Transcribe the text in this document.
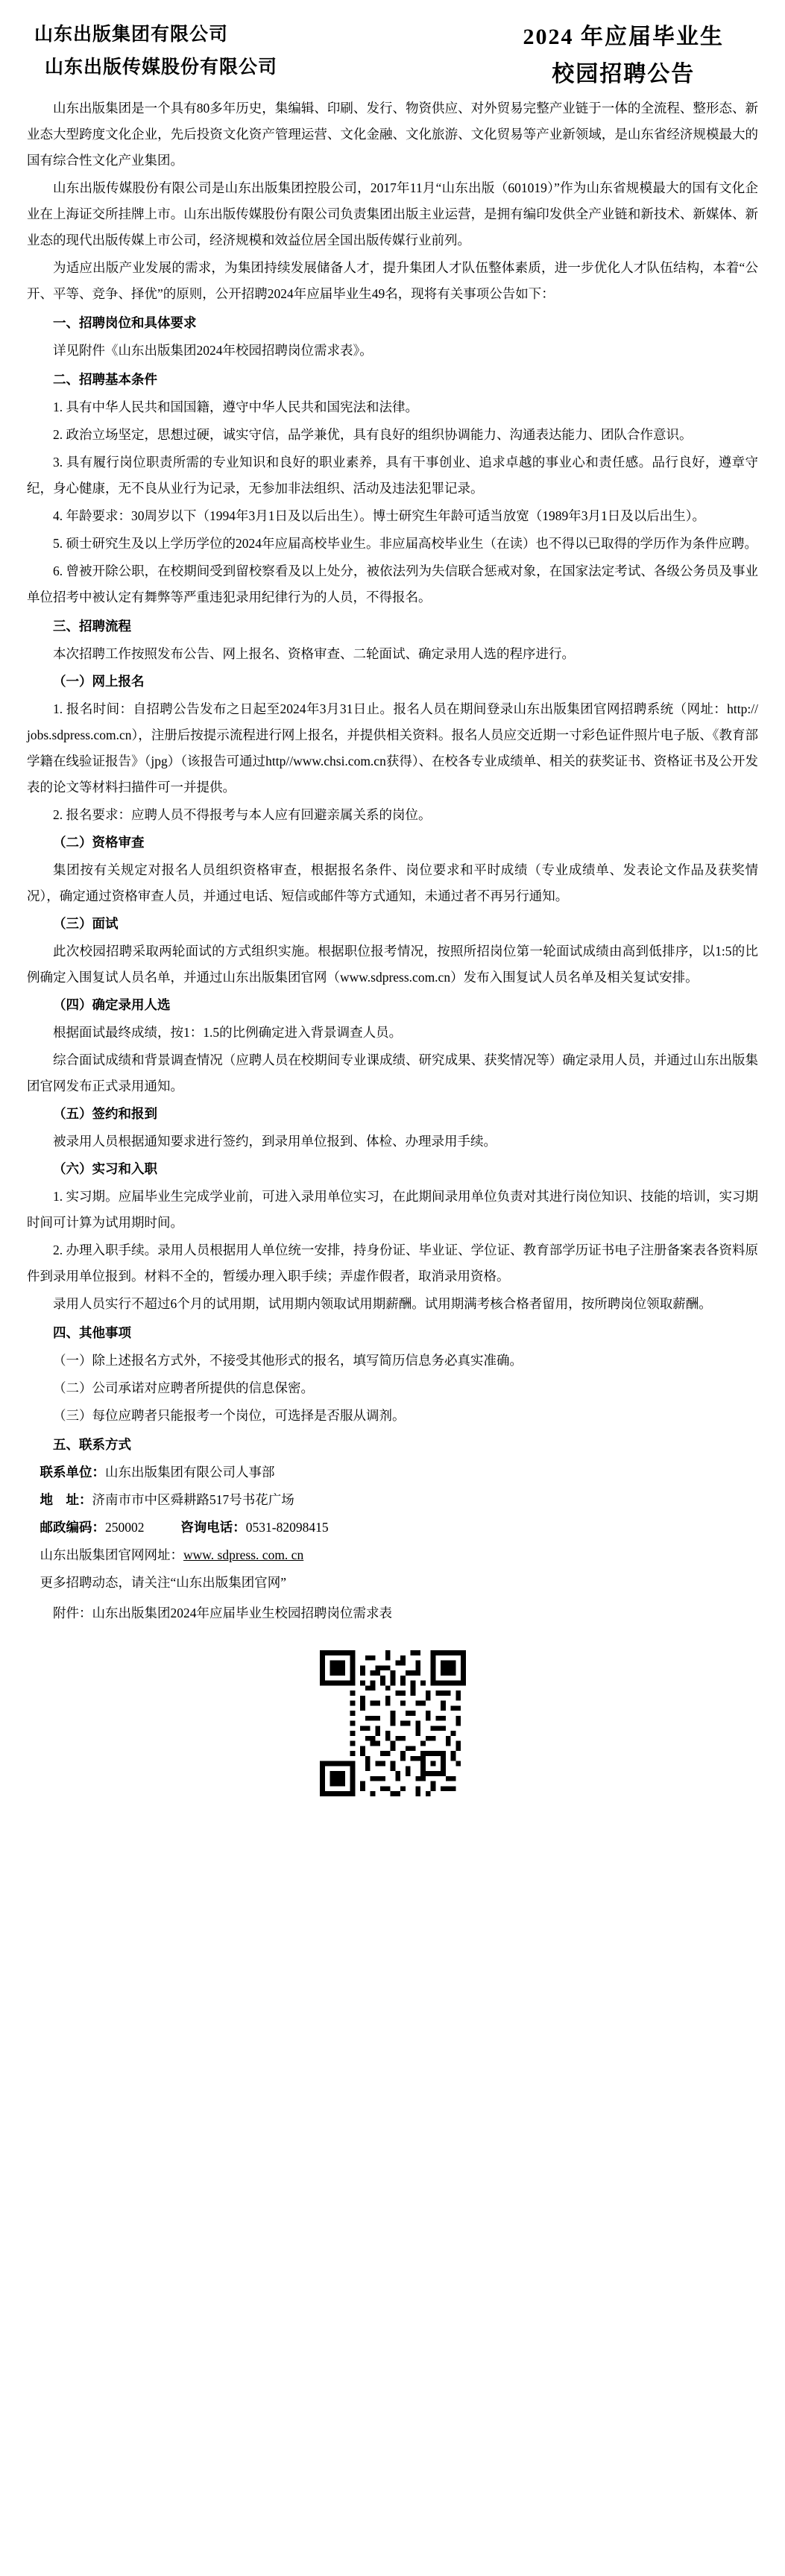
山东出版集团有限公司
山东出版传媒股份有限公司
2024 年应届毕业生
校园招聘公告

山东出版集团是一个具有80多年历史，集编辑、印刷、发行、物资供应、对外贸易完整产业链于一体的全流程、整形态、新业态大型跨度文化企业，先后投资文化资产管理运营、文化金融、文化旅游、文化贸易等产业新领域，是山东省经济规模最大的国有综合性文化产业集团。

山东出版传媒股份有限公司是山东出版集团控股公司，2017年11月“山东出版（601019）”作为山东省规模最大的国有文化企业在上海证交所挂牌上市。山东出版传媒股份有限公司负责集团出版主业运营，是拥有编印发供全产业链和新技术、新媒体、新业态的现代出版传媒上市公司，经济规模和效益位居全国出版传媒行业前列。

为适应出版产业发展的需求，为集团持续发展储备人才，提升集团人才队伍整体素质，进一步优化人才队伍结构，本着“公开、平等、竞争、择优”的原则，公开招聘2024年应届毕业生49名，现将有关事项公告如下：

一、招聘岗位和具体要求

详见附件《山东出版集团2024年校园招聘岗位需求表》。

二、招聘基本条件

1. 具有中华人民共和国国籍，遵守中华人民共和国宪法和法律。

2. 政治立场坚定，思想过硬，诚实守信，品学兼优，具有良好的组织协调能力、沟通表达能力、团队合作意识。

3. 具有履行岗位职责所需的专业知识和良好的职业素养，具有干事创业、追求卓越的事业心和责任感。品行良好，遵章守纪，身心健康，无不良从业行为记录，无参加非法组织、活动及违法犯罪记录。

4. 年龄要求：30周岁以下（1994年3月1日及以后出生）。博士研究生年龄可适当放宽（1989年3月1日及以后出生）。

5. 硕士研究生及以上学历学位的2024年应届高校毕业生。非应届高校毕业生（在读）也不得以已取得的学历作为条件应聘。

6. 曾被开除公职，在校期间受到留校察看及以上处分，被依法列为失信联合惩戒对象，在国家法定考试、各级公务员及事业单位招考中被认定有舞弊等严重违犯录用纪律行为的人员，不得报名。

三、招聘流程

本次招聘工作按照发布公告、网上报名、资格审查、二轮面试、确定录用人选的程序进行。

（一）网上报名

1. 报名时间：自招聘公告发布之日起至2024年3月31日止。报名人员在期间登录山东出版集团官网招聘系统（网址：http:// jobs.sdpress.com.cn），注册后按提示流程进行网上报名，并提供相关资料。报名人员应交近期一寸彩色证件照片电子版、《教育部学籍在线验证报告》（jpg）（该报告可通过http//www.chsi.com.cn获得）、在校各专业成绩单、相关的获奖证书、资格证书及公开发表的论文等材料扫描件可一并提供。

2. 报名要求：应聘人员不得报考与本人应有回避亲属关系的岗位。

（二）资格审查

集团按有关规定对报名人员组织资格审查，根据报名条件、岗位要求和平时成绩（专业成绩单、发表论文作品及获奖情况），确定通过资格审查人员，并通过电话、短信或邮件等方式通知，未通过者不再另行通知。

（三）面试

此次校园招聘采取两轮面试的方式组织实施。根据职位报考情况，按照所招岗位第一轮面试成绩由高到低排序，以1:5的比例确定入围复试人员名单，并通过山东出版集团官网（www.sdpress.com.cn）发布入围复试人员名单及相关复试安排。

（四）确定录用人选

根据面试最终成绩，按1：1.5的比例确定进入背景调查人员。

综合面试成绩和背景调查情况（应聘人员在校期间专业课成绩、研究成果、获奖情况等）确定录用人员，并通过山东出版集团官网发布正式录用通知。

（五）签约和报到

被录用人员根据通知要求进行签约，到录用单位报到、体检、办理录用手续。

（六）实习和入职

1. 实习期。应届毕业生完成学业前，可进入录用单位实习，在此期间录用单位负责对其进行岗位知识、技能的培训，实习期时间可计算为试用期时间。

2. 办理入职手续。录用人员根据用人单位统一安排，持身份证、毕业证、学位证、教育部学历证书电子注册备案表各资料原件到录用单位报到。材料不全的，暂缓办理入职手续；弄虚作假者，取消录用资格。

录用人员实行不超过6个月的试用期，试用期内领取试用期薪酬。试用期满考核合格者留用，按所聘岗位领取薪酬。

四、其他事项

（一）除上述报名方式外，不接受其他形式的报名，填写简历信息务必真实准确。

（二）公司承诺对应聘者所提供的信息保密。

（三）每位应聘者只能报考一个岗位，可选择是否服从调剂。

五、联系方式

联系单位：山东出版集团有限公司人事部

地　址：济南市市中区舜耕路517号书花广场

邮政编码：250002	咨询电话：0531-82098415

山东出版集团官网网址：www. sdpress. com. cn

更多招聘动态，请关注“山东出版集团官网”

附件：山东出版集团2024年应届毕业生校园招聘岗位需求表
